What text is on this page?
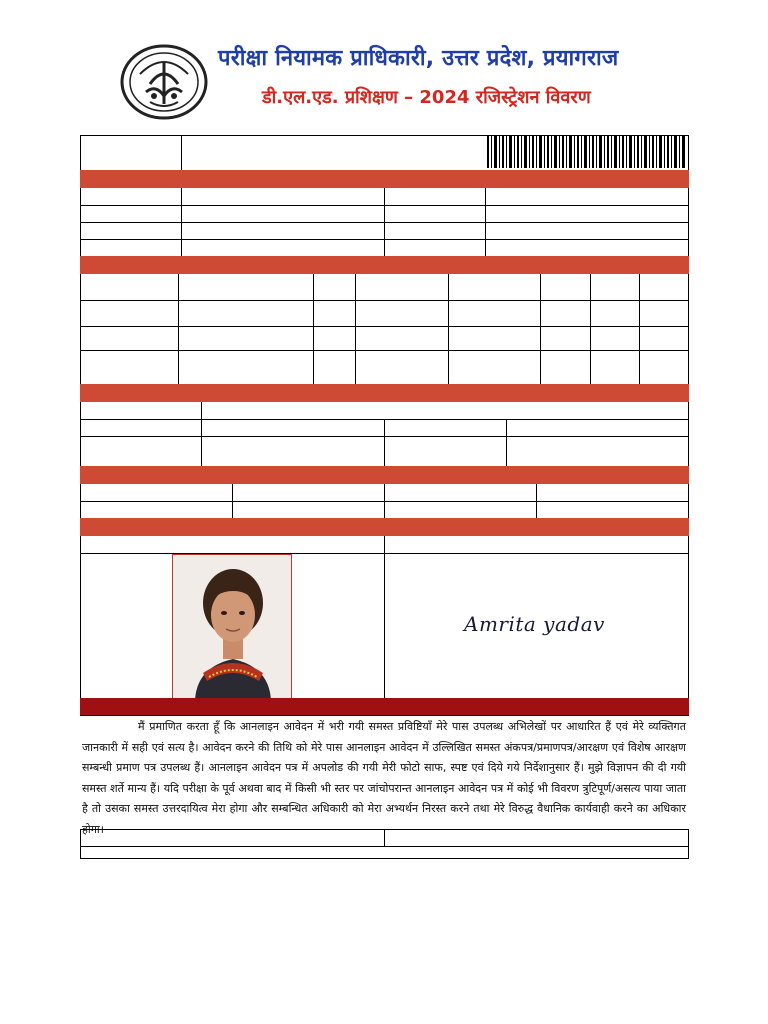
परीक्षा नियामक प्राधिकारी, उत्तर प्रदेश, प्रयागराज
डी.एल.एड. प्रशिक्षण – 2024 रजिस्ट्रेशन विवरण
Amrita yadav
मैं प्रमाणित करता हूँ कि आनलाइन आवेदन में भरी गयी समस्त प्रविष्टियाँ मेरे पास उपलब्ध अभिलेखों पर आधारित हैं एवं मेरे व्यक्तिगत जानकारी में सही एवं सत्य है। आवेदन करने की तिथि को मेरे पास आनलाइन आवेदन में उल्लिखित समस्त अंकपत्र/प्रमाणपत्र/आरक्षण एवं विशेष आरक्षण सम्बन्धी प्रमाण पत्र उपलब्ध हैं। आनलाइन आवेदन पत्र में अपलोड की गयी मेरी फोटो साफ, स्पष्ट एवं दिये गये निर्देशानुसार हैं। मुझे विज्ञापन की दी गयी समस्त शर्ते मान्य हैं। यदि परीक्षा के पूर्व अथवा बाद में किसी भी स्तर पर जांचोपरान्त आनलाइन आवेदन पत्र में कोई भी विवरण त्रुटिपूर्ण/असत्य पाया जाता है तो उसका समस्त उत्तरदायित्व मेरा होगा और सम्बन्धित अधिकारी को मेरा अभ्यर्थन निरस्त करने तथा मेरे विरुद्ध वैधानिक कार्यवाही करने का अधिकार होगा।
